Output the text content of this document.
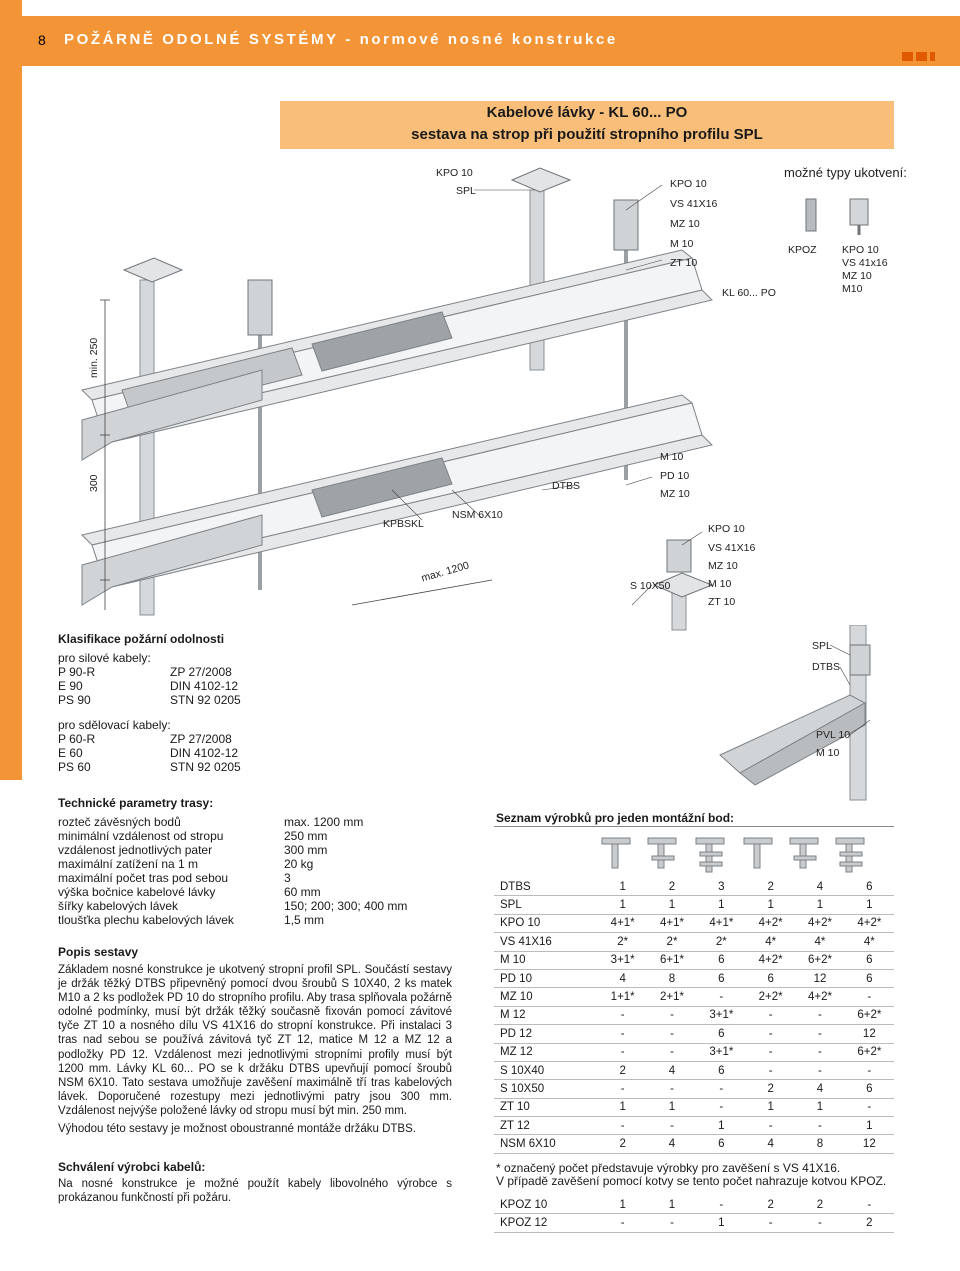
8 POŽÁRNĚ ODOLNÉ SYSTÉMY - normové nosné konstrukce
Kabelové lávky - KL 60... PO
sestava na strop při použití stropního profilu SPL
KPO 10
SPL
KPO 10
VS 41X16
MZ 10
M 10
ZT 10
KL 60... PO
min. 250
300
M 10
PD 10
MZ 10
DTBS
NSM 6X10
KPBSKL
max. 1200
KPO 10
VS 41X16
MZ 10
M 10
ZT 10
S 10X50
možné typy ukotvení:
KPOZ KPO 10
VS 41x16
MZ 10
M10
Klasifikace požární odolnosti
pro silové kabely:
P 90-R	ZP 27/2008
E 90	DIN 4102-12
PS 90	STN 92 0205
pro sdělovací kabely:
P 60-R	ZP 27/2008
E 60	DIN 4102-12
PS 60	STN 92 0205
SPL
DTBS
PVL 10
M 10
Technické parametry trasy:
rozteč závěsných bodů	max. 1200 mm
minimální vzdálenost od stropu	250 mm
vzdálenost jednotlivých pater	300 mm
maximální zatížení na 1 m	20 kg
maximální počet tras pod sebou	3
výška bočnice kabelové lávky	60 mm
šířky kabelových lávek	150; 200; 300; 400 mm
tloušťka plechu kabelových lávek	1,5 mm
Popis sestavy
Základem nosné konstrukce je ukotvený stropní profil SPL. Součástí sestavy je držák těžký DTBS připevněný pomocí dvou šroubů S 10X40, 2 ks matek M10 a 2 ks podložek PD 10 do stropního profilu. Aby trasa splňovala požárně odolné podmínky, musí být držák těžký současně fixován pomocí závitové tyče ZT 10 a nosného dílu VS 41X16 do stropní konstrukce. Při instalaci 3 tras nad sebou se používá závitová tyč ZT 12, matice M 12 a MZ 12 a podložky PD 12. Vzdálenost mezi jednotlivými stropními profily musí být 1200 mm. Lávky KL 60... PO se k držáku DTBS upevňují pomocí šroubů NSM 6X10. Tato sestava umožňuje zavěšení maximálně tří tras kabelových lávek. Doporučené rozestupy mezi jednotlivými patry jsou 300 mm. Vzdálenost nejvýše položené lávky od stropu musí být min. 250 mm.
Výhodou této sestavy je možnost oboustranné montáže držáku DTBS.
Schválení výrobci kabelů:
Na nosné konstrukce je možné použít kabely libovolného výrobce s prokázanou funkčností při požáru.
Seznam výrobků pro jeden montážní bod:
DTBS	1	2	3	2	4	6
SPL	1	1	1	1	1	1
KPO 10	4+1*	4+1*	4+1*	4+2*	4+2*	4+2*
VS 41X16	2*	2*	2*	4*	4*	4*
M 10	3+1*	6+1*	6	4+2*	6+2*	6
PD 10	4	8	6	6	12	6
MZ 10	1+1*	2+1*	-	2+2*	4+2*	-
M 12	-	-	3+1*	-	-	6+2*
PD 12	-	-	6	-	-	12
MZ 12	-	-	3+1*	-	-	6+2*
S 10X40	2	4	6	-	-	-
S 10X50	-	-	-	2	4	6
ZT 10	1	1	-	1	1	-
ZT 12	-	-	1	-	-	1
NSM 6X10	2	4	6	4	8	12
* označený počet představuje výrobky pro zavěšení s VS 41X16.
V případě zavěšení pomocí kotvy se tento počet nahrazuje kotvou KPOZ.
KPOZ 10	1	1	-	2	2	-
KPOZ 12	-	-	1	-	-	2
